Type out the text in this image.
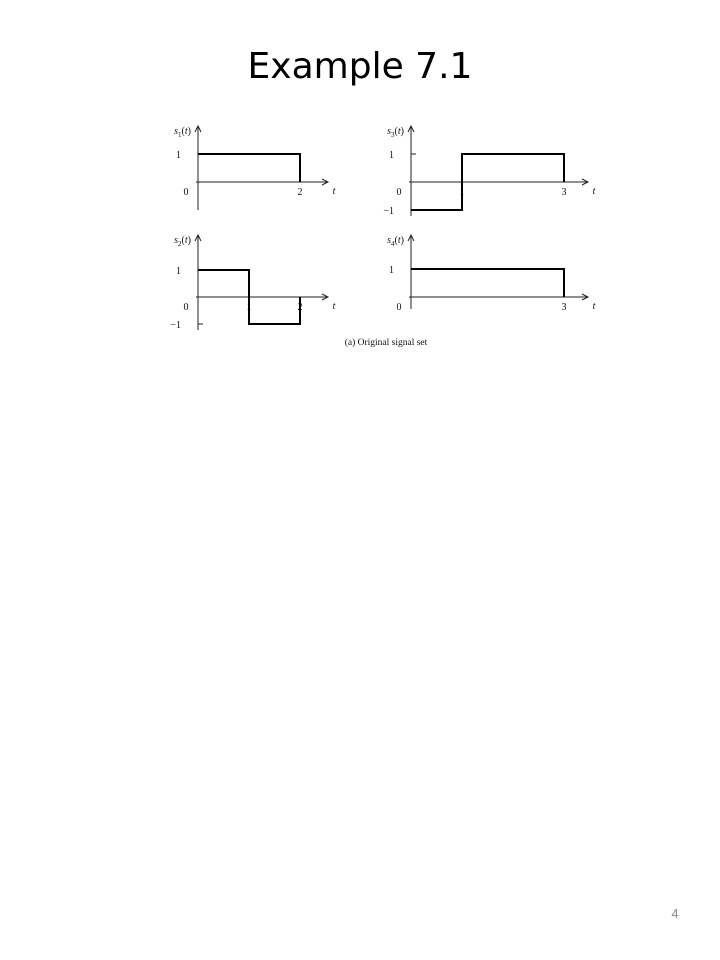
Example 7.1
$s_1(t)$
t
0	2
1
$s_3(t)$
t
0	1	3
1
−1
$s_2(t)$
t
0	1	2
1
−1
$s_4(t)$
t
0	3
1
(a) Original signal set
4
